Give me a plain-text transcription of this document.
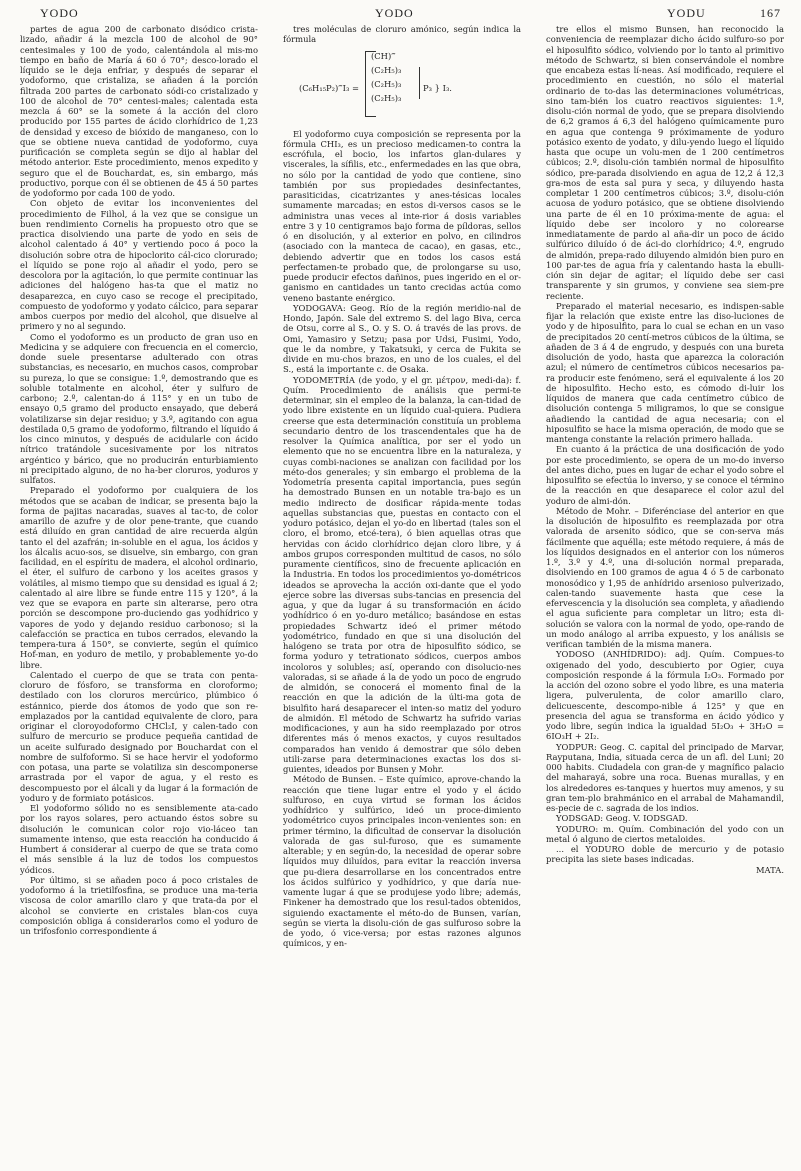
YODO	YODO	YODU	167

partes de agua 200 de carbonato disódico crista-lizado, añadir á la mezcla 100 de alcohol de 90° centesimales y 100 de yodo, calentándola al mis-mo tiempo en baño de María á 60 ó 70°; desco-lorado el líquido se le deja enfriar, y después de separar el yodoformo, que cristaliza, se añaden á la porción filtrada 200 partes de carbonato sódi-co cristalizado y 100 de alcohol de 70° centesi-males; calentada esta mezcla á 60° se la somete á la acción del cloro producido por 155 partes de ácido clorhídrico de 1,23 de densidad y exceso de bióxido de manganeso, con lo que se obtiene nueva cantidad de yodoformo, cuya purificación se completa según se dijo al hablar del método anterior. Este procedimiento, menos expedito y seguro que el de Bouchardat, es, sin embargo, más productivo, porque con él se obtienen de 45 á 50 partes de yodoformo por cada 100 de yodo.

Con objeto de evitar los inconvenientes del procedimiento de Filhol, á la vez que se consigue un buen rendimiento Cornelis ha propuesto otro que se practica disolviendo una parte de yodo en seis de alcohol calentado á 40° y vertiendo poco á poco la disolución sobre otra de hipoclorito cál-cico clorurado; el líquido se pone rojo al añadir el yodo, pero se descolora por la agitación, lo que permite continuar las adiciones del halógeno has-ta que el matiz no desaparezca, en cuyo caso se recoge el precipitado, compuesto de yodoformo y yodato cálcico, para separar ambos cuerpos por medio del alcohol, que disuelve al primero y no al segundo.

Como el yodoformo es un producto de gran uso en Medicina y se adquiere con frecuencia en el comercio, donde suele presentarse adulterado con otras substancias, es necesario, en muchos casos, comprobar su pureza, lo que se consigue: 1.º, demostrando que es soluble totalmente en alcohol, éter y sulfuro de carbono; 2.º, calentan-do á 115° y en un tubo de ensayo 0,5 gramo del producto ensayado, que deberá volatilizarse sin dejar residuo; y 3.º, agitando con agua destilada 0,5 gramo de yodoformo, filtrando el líquido á los cinco minutos, y después de acidularle con ácido nítrico tratándole sucesivamente por los nitratos argéntico y bárico, que no producirán enturbiamiento ni precipitado alguno, de no ha-ber cloruros, yoduros y sulfatos.

Preparado el yodoformo por cualquiera de los métodos que se acaban de indicar, se presenta bajo la forma de pajitas nacaradas, suaves al tac-to, de color amarillo de azufre y de olor pene-trante, que cuando está diluído en gran cantidad de aire recuerda algún tanto el del azafrán; in-soluble en el agua, los ácidos y los álcalis acuo-sos, se disuelve, sin embargo, con gran facilidad, en el espíritu de madera, el alcohol ordinario, el éter, el sulfuro de carbono y los aceites grasos y volátiles, al mismo tiempo que su densidad es igual á 2; calentado al aire libre se funde entre 115 y 120°, á la vez que se evapora en parte sin alterarse, pero otra porción se descompone pro-duciendo gas yodhídrico y vapores de yodo y dejando residuo carbonoso; si la calefacción se practica en tubos cerrados, elevando la tempera-tura á 150°, se convierte, según el químico Hof-man, en yoduro de metilo, y probablemente yo-do libre.

Calentado el cuerpo de que se trata con penta-cloruro de fósforo, se transforma en cloroformo; destilado con los cloruros mercúrico, plúmbico ó estánnico, pierde dos átomos de yodo que son re-emplazados por la cantidad equivalente de cloro, para originar el cloroyodoformo CHCl₂I, y calen-tado con sulfuro de mercurio se produce pequeña cantidad de un aceite sulfurado designado por Bouchardat con el nombre de sulfoformo. Si se hace hervir el yodoformo con potasa, una parte se volatiliza sin descomponerse arrastrada por el vapor de agua, y el resto es descompuesto por el álcali y da lugar á la formación de yoduro y de formiato potásicos.

El yodoformo sólido no es sensiblemente ata-cado por los rayos solares, pero actuando éstos sobre su disolución le comunican color rojo vio-láceo tan sumamente intenso, que esta reacción ha conducido á Humbert á considerar al cuerpo de que se trata como el más sensible á la luz de todos los compuestos yódicos.

Por último, si se añaden poco á poco cristales de yodoformo á la trietilfosfina, se produce una ma-teria viscosa de color amarillo claro y que trata-da por el alcohol se convierte en cristales blan-cos cuya composición obliga á considerarlos como el yoduro de un trifosfonio correspondiente á

tres moléculas de cloruro amónico, según indica la fórmula

(C₆H₁₅P₂)‴I₃ =
(CH)‴
(C₂H₅)₃
(C₂H₅)₃
(C₂H₅)₃
P₃ } I₃.

El yodoformo cuya composición se representa por la fórmula CHI₃, es un precioso medicamen-to contra la escrófula, el bocio, los infartos glan-dulares y viscerales, la sífilis, etc., enfermedades en las que obra, no sólo por la cantidad de yodo que contiene, sino también por sus propiedades desinfectantes, parasiticidas, cicatrizantes y anes-tésicas locales sumamente marcadas; en estos di-versos casos se le administra unas veces al inte-rior á dosis variables entre 3 y 10 centigramos bajo forma de píldoras, sellos ó en disolución, y al exterior en polvo, en cilindros (asociado con la manteca de cacao), en gasas, etc., debiendo advertir que en todos los casos está perfectamen-te probado que, de prolongarse su uso, puede producir efectos dañinos, pues ingerido en el or-ganismo en cantidades un tanto crecidas actúa como veneno bastante enérgico.

YODOGAVA: Geog. Río de la región meridio-nal de Hondo, Japón. Sale del extremo S. del lago Biva, cerca de Otsu, corre al S., O. y S. O. á través de las provs. de Omi, Yamasiro y Setzu; pasa por Udsi, Fusimi, Yodo, que le da nombre, y Takatsuki, y cerca de Fukita se divide en mu-chos brazos, en uno de los cuales, el del S., está la importante c. de Osaka.

YODOMETRÍA (de yodo, y el gr. μέτρον, medi-da): f. Quím. Procedimiento de análisis que permi-te determinar, sin el empleo de la balanza, la can-tidad de yodo libre existente en un líquido cual-quiera. Pudiera creerse que esta determinación constituía un problema secundario dentro de los trascendentales que ha de resolver la Química analítica, por ser el yodo un elemento que no se encuentra libre en la naturaleza, y cuyas combi-naciones se analizan con facilidad por los méto-dos generales; y sin embargo el problema de la Yodometría presenta capital importancia, pues según ha demostrado Bunsen en un notable tra-bajo es un medio indirecto de dosificar rápida-mente todas aquellas substancias que, puestas en contacto con el yoduro potásico, dejan el yo-do en libertad (tales son el cloro, el bromo, etcé-tera), ó bien aquellas otras que hervidas con ácido clorhídrico dejan cloro libre, y á ambos grupos corresponden multitud de casos, no sólo puramente científicos, sino de frecuente aplicación en la Industria. En todos los procedimientos yo-dométricos ideados se aprovecha la acción oxi-dante que el yodo ejerce sobre las diversas subs-tancias en presencia del agua, y que da lugar á su transformación en ácido yodhídrico ó en yo-duro metálico; basándose en estas propiedades Schwartz ideó el primer método yodométrico, fundado en que si una disolución del halógeno se trata por otra de hiposulfito sódico, se forma yoduro y tetrationato sódicos, cuerpos ambos incoloros y solubles; así, operando con disolucio-nes valoradas, si se añade á la de yodo un poco de engrudo de almidón, se conocerá el momento final de la reacción en que la adición de la últi-ma gota de bisulfito hará desaparecer el inten-so matiz del yoduro de almidón. El método de Schwartz ha sufrido varias modificaciones, y aun ha sido reemplazado por otros diferentes más ó menos exactos, y cuyos resultados comparados han venido á demostrar que sólo deben utili-zarse para determinaciones exactas los dos si-guientes, ideados por Bunsen y Mohr.

Método de Bunsen. – Este químico, aprove-chando la reacción que tiene lugar entre el yodo y el ácido sulfuroso, en cuya virtud se forman los ácidos yodhídrico y sulfúrico, ideó un proce-dimiento yodométrico cuyos principales incon-venientes son: en primer término, la dificultad de conservar la disolución valorada de gas sul-furoso, que es sumamente alterable; y en según-do, la necesidad de operar sobre líquidos muy diluídos, para evitar la reacción inversa que pu-diera desarrollarse en los concentrados entre los ácidos sulfúrico y yodhídrico, y que daría nue-vamente lugar á que se produjese yodo libre; además, Finkener ha demostrado que los resul-tados obtenidos, siguiendo exactamente el méto-do de Bunsen, varían, según se vierta la disolu-ción de gas sulfuroso sobre la de yodo, ó vice-versa; por estas razones algunos químicos, y en-

tre ellos el mismo Bunsen, han reconocido la conveniencia de reemplazar dicho ácido sulfuro-so por el hiposulfito sódico, volviendo por lo tanto al primitivo método de Schwartz, si bien conservándole el nombre que encabeza estas lí-neas. Así modificado, requiere el procedimiento en cuestión, no sólo el material ordinario de to-das las determinaciones volumétricas, sino tam-bién los cuatro reactivos siguientes: 1.º, disolu-ción normal de yodo, que se prepara disolviendo de 6,2 gramos á 6,3 del halógeno químicamente puro en agua que contenga 9 próximamente de yoduro potásico exento de yodato, y dilu-yendo luego el líquido hasta que ocupe un volu-men de 1 200 centímetros cúbicos; 2.º, disolu-ción también normal de hiposulfito sódico, pre-parada disolviendo en agua de 12,2 á 12,3 gra-mos de esta sal pura y seca, y diluyendo hasta completar 1 200 centímetros cúbicos; 3.º, disolu-ción acuosa de yoduro potásico, que se obtiene disolviendo una parte de él en 10 próxima-mente de agua: el líquido debe ser incoloro y no colorearse inmediatamente de pardo al aña-dir un poco de ácido sulfúrico diluído ó de áci-do clorhídrico; 4.º, engrudo de almidón, prepa-rado diluyendo almidón bien puro en 100 par-tes de agua fría y calentando hasta la ebulli-ción sin dejar de agitar; el líquido debe ser casi transparente y sin grumos, y conviene sea siem-pre reciente.

Preparado el material necesario, es indispen-sable fijar la relación que existe entre las diso-luciones de yodo y de hiposulfito, para lo cual se echan en un vaso de precipitados 20 centí-metros cúbicos de la última, se añaden de 3 á 4 de engrudo, y después con una bureta disolución de yodo, hasta que aparezca la coloración azul; el número de centímetros cúbicos necesarios pa-ra producir este fenómeno, será el equivalente á los 20 de hiposulfito. Hecho esto, es cómodo di-luir los líquidos de manera que cada centímetro cúbico de disolución contenga 5 miligramos, lo que se consigue añadiendo la cantidad de agua necesaria; con el hiposulfito se hace la misma operación, de modo que se mantenga constante la relación primero hallada.

En cuanto á la práctica de una dosificación de yodo por este procedimiento, se opera de un mo-do inverso del antes dicho, pues en lugar de echar el yodo sobre el hiposulfito se efectúa lo inverso, y se conoce el término de la reacción en que desaparece el color azul del yoduro de almi-dón.

Método de Mohr. – Diferénciase del anterior en que la disolución de hiposulfito es reemplazada por otra valorada de arsenito sódico, que se con-serva más fácilmente que aquélla; este método requiere, á más de los líquidos designados en el anterior con los números 1.º, 3.º y 4.º, una di-solución normal preparada, disolviendo en 100 gramos de agua 4 ó 5 de carbonato monosódico y 1,95 de anhídrido arsenioso pulverizado, calen-tando suavemente hasta que cese la efervescencia y la disolución sea completa, y añadiendo el agua suficiente para completar un litro; esta di-solución se valora con la normal de yodo, ope-rando de un modo análogo al arriba expuesto, y los análisis se verifican también de la misma manera.

YODOSO (ANHÍDRIDO): adj. Quím. Compues-to oxigenado del yodo, descubierto por Ogier, cuya composición responde á la fórmula I₂O₃. Formado por la acción del ozono sobre el yodo libre, es una materia ligera, pulverulenta, de color amarillo claro, delicuescente, descompo-nible á 125° y que en presencia del agua se transforma en ácido yódico y yodo libre, según indica la igualdad 5I₂O₃ + 3H₂O = 6IO₃H + 2I₂.

YODPUR: Geog. C. capital del principado de Marvar, Rayputana, India, situada cerca de un afl. del Luni; 20 000 habits. Ciudadela con gran-de y magnífico palacio del maharayá, sobre una roca. Buenas murallas, y en los alrededores es-tanques y huertos muy amenos, y su gran tem-plo brahmánico en el arrabal de Mahamandil, es-pecie de c. sagrada de los indios.

YODSGAD: Geog. V. IODSGAD.

YODURO: m. Quím. Combinación del yodo con un metal ó alguno de ciertos metaloides.

... el YODURO doble de mercurio y de potasio precipita las siete bases indicadas.

MATA.
